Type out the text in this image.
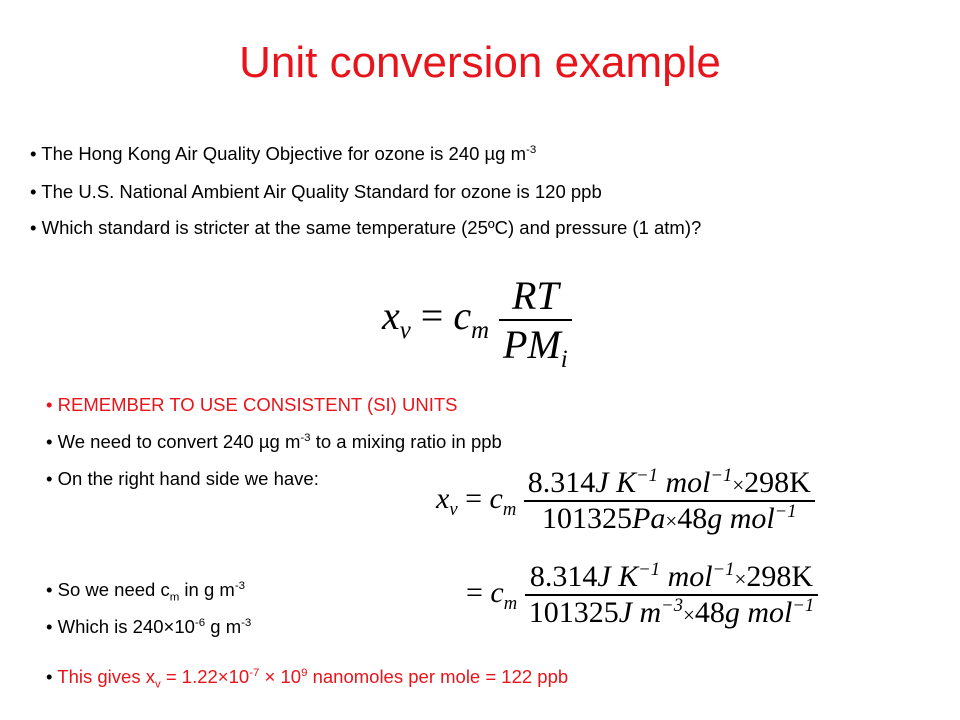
Unit conversion example
• The Hong Kong Air Quality Objective for ozone is 240 µg $m^{-3}$
• The U.S. National Ambient Air Quality Standard for ozone is 120 ppb
• Which standard is stricter at the same temperature (25ºC) and pressure (1 atm)?
$x_v = c_m \frac{RT}{PM_i}$
• REMEMBER TO USE CONSISTENT (SI) UNITS
• We need to convert 240 µg $m^{-3}$ to a mixing ratio in ppb
• On the right hand side we have:
$x_v = c_m \frac{8.314J K^{-1} mol^{-1}\times 298K}{101325Pa\times 48g mol^{-1}}$
= $c_m \frac{8.314J K^{-1} mol^{-1}\times 298K}{101325J m^{-3}\times 48g mol^{-1}}$
• So we need $c_m$ in g $m^{-3}$
• Which is $240\times 10^{-6}$ g $m^{-3}$
• This gives $x_v = 1.22\times 10^{-7} \times 10^9$ nanomoles per mole = 122 ppb
